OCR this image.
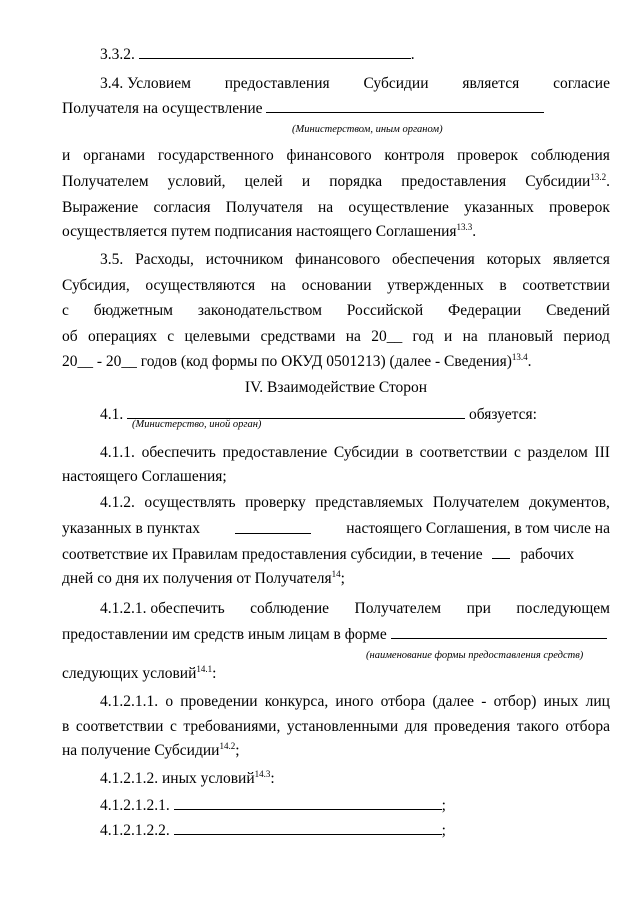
3.3.2.	.
3.4. Условием предоставления Субсидии является согласие
Получателя на осуществление
(Министерством, иным органом)
и органами государственного финансового контроля проверок соблюдения
Получателем условий, целей и порядка предоставления Субсидии$^{13.2}$.
Выражение согласия Получателя на осуществление указанных проверок
осуществляется путем подписания настоящего Соглашения$^{13.3}$.
3.5. Расходы, источником финансового обеспечения которых является
Субсидия, осуществляются на основании утвержденных в соответствии
с бюджетным законодательством Российской Федерации Сведений
об операциях с целевыми средствами на 20__ год и на плановый период
20__ - 20__ годов (код формы по ОКУД 0501213) (далее - Сведения)$^{13.4}$.
IV. Взаимодействие Сторон
4.1.	обязуется:
(Министерство, иной орган)
4.1.1. обеспечить предоставление Субсидии в соответствии с разделом III
настоящего Соглашения;
4.1.2. осуществлять проверку представляемых Получателем документов,
указанных в пунктах	настоящего Соглашения, в том числе на
соответствие их Правилам предоставления субсидии, в течение рабочих
дней со дня их получения от Получателя$^{14}$;
4.1.2.1. обеспечить соблюдение Получателем при последующем
предоставлении им средств иным лицам в форме
(наименование формы предоставления средств)
следующих условий$^{14.1}$:
4.1.2.1.1. о проведении конкурса, иного отбора (далее - отбор) иных лиц
в соответствии с требованиями, установленными для проведения такого отбора
на получение Субсидии$^{14.2}$;
4.1.2.1.2. иных условий$^{14.3}$:
4.1.2.1.2.1.	;
4.1.2.1.2.2.	;
